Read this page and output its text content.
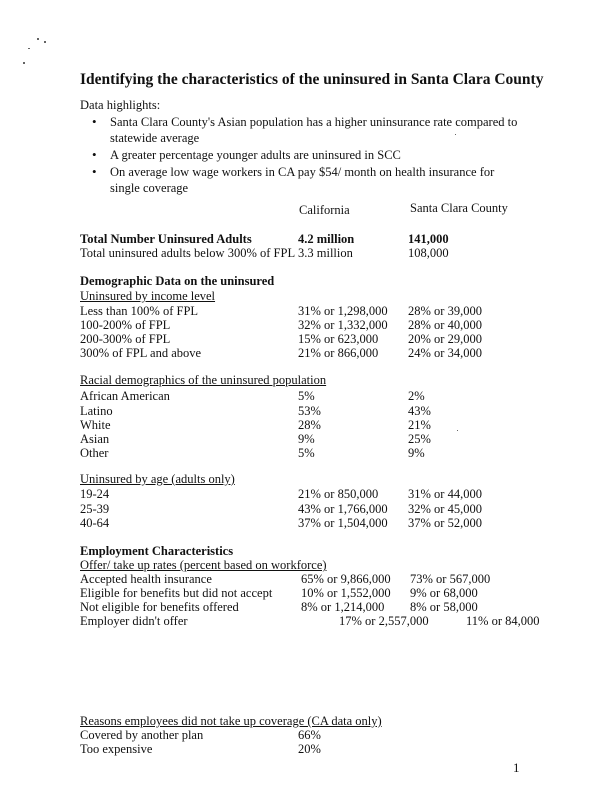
Identifying the characteristics of the uninsured in Santa Clara County
Data highlights:
• Santa Clara County's Asian population has a higher uninsurance rate compared to statewide average
• A greater percentage younger adults are uninsured in SCC
• On average low wage workers in CA pay $54/ month on health insurance for single coverage
California	Santa Clara County
Total Number Uninsured Adults	4.2 million	141,000
Total uninsured adults below 300% of FPL 3.3 million	108,000
Demographic Data on the uninsured
Uninsured by income level
Less than 100% of FPL	31% or 1,298,000 28% or 39,000
100-200% of FPL	32% or 1,332,000 28% or 40,000
200-300% of FPL	15% or 623,000 20% or 29,000
300% of FPL and above	21% or 866,000 24% or 34,000
Racial demographics of the uninsured population
African American	5%	2%
Latino	53%	43%
White	28%	21%
Asian	9%	25%
Other	5%	9%
Uninsured by age (adults only)
19-24	21% or 850,000 31% or 44,000
25-39	43% or 1,766,000 32% or 45,000
40-64	37% or 1,504,000 37% or 52,000
Employment Characteristics
Offer/ take up rates (percent based on workforce)
Accepted health insurance	65% or 9,866,000 73% or 567,000
Eligible for benefits but did not accept 10% or 1,552,000 9% or 68,000
Not eligible for benefits offered	8% or 1,214,000 8% or 58,000
Employer didn't offer	17% or 2,557,000	11% or 84,000
Reasons employees did not take up coverage (CA data only)
Covered by another plan	66%
Too expensive	20%
1
